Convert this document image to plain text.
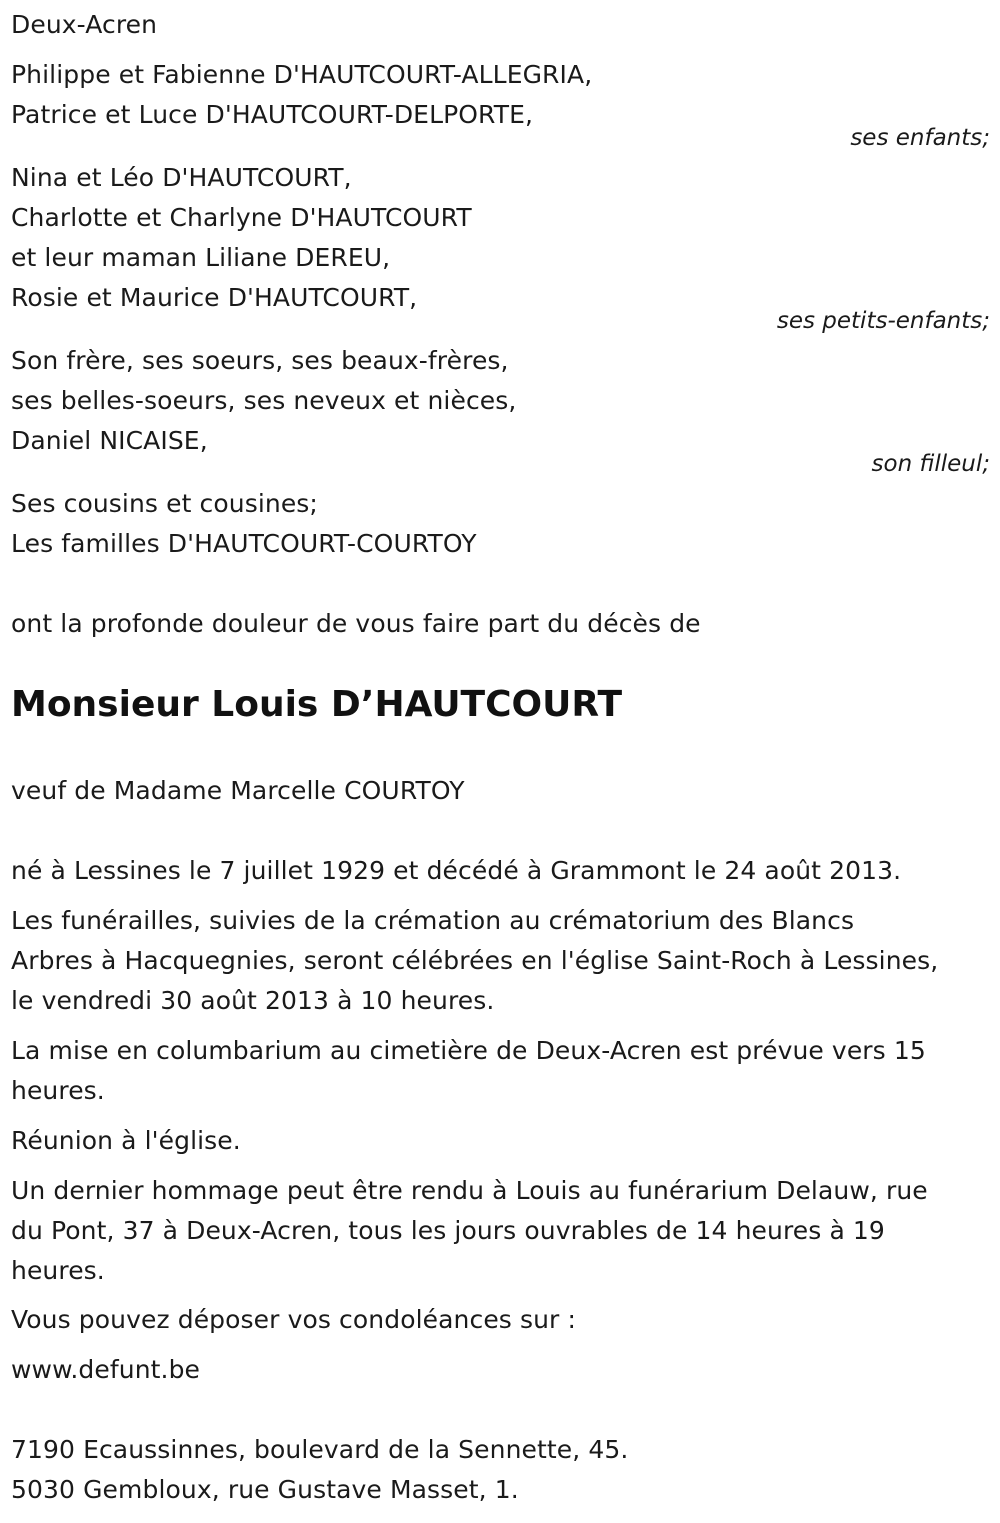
Deux-Acren
Philippe et Fabienne D'HAUTCOURT-ALLEGRIA,
Patrice et Luce D'HAUTCOURT-DELPORTE,
ses enfants;
Nina et Léo D'HAUTCOURT,
Charlotte et Charlyne D'HAUTCOURT
et leur maman Liliane DEREU,
Rosie et Maurice D'HAUTCOURT,
ses petits-enfants;
Son frère, ses soeurs, ses beaux-frères,
ses belles-soeurs, ses neveux et nièces,
Daniel NICAISE,
son filleul;
Ses cousins et cousines;
Les familles D'HAUTCOURT-COURTOY
ont la profonde douleur de vous faire part du décès de
Monsieur Louis D’HAUTCOURT
veuf de Madame Marcelle COURTOY
né à Lessines le 7 juillet 1929 et décédé à Grammont le 24 août 2013.
Les funérailles, suivies de la crémation au crématorium des Blancs
Arbres à Hacquegnies, seront célébrées en l'église Saint-Roch à Lessines,
le vendredi 30 août 2013 à 10 heures.
La mise en columbarium au cimetière de Deux-Acren est prévue vers 15
heures.
Réunion à l'église.
Un dernier hommage peut être rendu à Louis au funérarium Delauw, rue
du Pont, 37 à Deux-Acren, tous les jours ouvrables de 14 heures à 19
heures.
Vous pouvez déposer vos condoléances sur :
www.defunt.be
7190 Ecaussinnes, boulevard de la Sennette, 45.
5030 Gembloux, rue Gustave Masset, 1.
